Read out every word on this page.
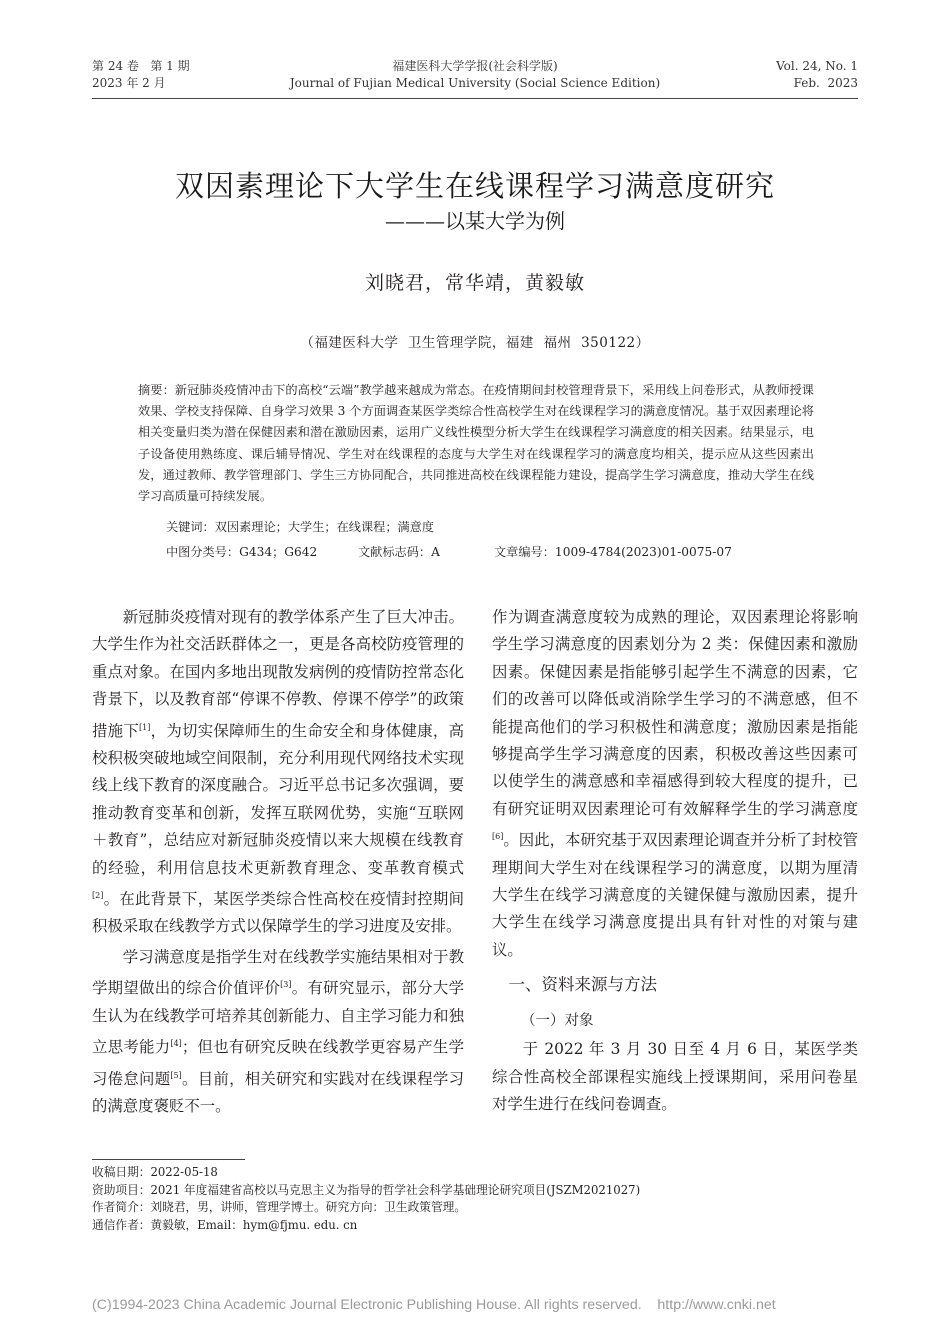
第 24 卷   第 1 期
2023 年 2 月
福建医科大学学报(社会科学版)
Journal of Fujian Medical University (Social Science Edition)
Vol. 24, No. 1
Feb.  2023
双因素理论下大学生在线课程学习满意度研究
———以某大学为例
刘晓君，常华靖，黄毅敏
（福建医科大学  卫生管理学院，福建  福州  350122）

摘要：新冠肺炎疫情冲击下的高校“云端”教学越来越成为常态。在疫情期间封校管理背景下，采用线上问卷形式，从教师授课效果、学校支持保障、自身学习效果 3 个方面调查某医学类综合性高校学生对在线课程学习的满意度情况。基于双因素理论将相关变量归类为潜在保健因素和潜在激励因素，运用广义线性模型分析大学生在线课程学习满意度的相关因素。结果显示，电子设备使用熟练度、课后辅导情况、学生对在线课程的态度与大学生对在线课程学习的满意度均相关，提示应从这些因素出发，通过教师、教学管理部门、学生三方协同配合，共同推进高校在线课程能力建设，提高学生学习满意度，推动大学生在线学习高质量可持续发展。

关键词：双因素理论；大学生；在线课程；满意度
中图分类号：G434；G642	文献标志码：A	文章编号：1009-4784(2023)01-0075-07

新冠肺炎疫情对现有的教学体系产生了巨大冲击。大学生作为社交活跃群体之一，更是各高校防疫管理的重点对象。在国内多地出现散发病例的疫情防控常态化背景下，以及教育部“停课不停教、停课不停学”的政策措施下[1]，为切实保障师生的生命安全和身体健康，高校积极突破地域空间限制，充分利用现代网络技术实现线上线下教育的深度融合。习近平总书记多次强调，要推动教育变革和创新，发挥互联网优势，实施“互联网＋教育”，总结应对新冠肺炎疫情以来大规模在线教育的经验，利用信息技术更新教育理念、变革教育模式[2]。在此背景下，某医学类综合性高校在疫情封控期间积极采取在线教学方式以保障学生的学习进度及安排。

学习满意度是指学生对在线教学实施结果相对于教学期望做出的综合价值评价[3]。有研究显示，部分大学生认为在线教学可培养其创新能力、自主学习能力和独立思考能力[4]；但也有研究反映在线教学更容易产生学习倦怠问题[5]。目前，相关研究和实践对在线课程学习的满意度褒贬不一。

作为调查满意度较为成熟的理论，双因素理论将影响学生学习满意度的因素划分为 2 类：保健因素和激励因素。保健因素是指能够引起学生不满意的因素，它们的改善可以降低或消除学生学习的不满意感，但不能提高他们的学习积极性和满意度；激励因素是指能够提高学生学习满意度的因素，积极改善这些因素可以使学生的满意感和幸福感得到较大程度的提升，已有研究证明双因素理论可有效解释学生的学习满意度[6]。因此，本研究基于双因素理论调查并分析了封校管理期间大学生对在线课程学习的满意度，以期为厘清大学生在线学习满意度的关键保健与激励因素，提升大学生在线学习满意度提出具有针对性的对策与建议。

一、资料来源与方法

（一）对象

于 2022 年 3 月 30 日至 4 月 6 日，某医学类综合性高校全部课程实施线上授课期间，采用问卷星对学生进行在线问卷调查。

收稿日期：2022-05-18
资助项目：2021 年度福建省高校以马克思主义为指导的哲学社会科学基础理论研究项目(JSZM2021027)
作者简介：刘晓君，男，讲师，管理学博士。研究方向：卫生政策管理。
通信作者：黄毅敏，Email：hym@fjmu. edu. cn
(C)1994-2023 China Academic Journal Electronic Publishing House. All rights reserved.    http://www.cnki.net
